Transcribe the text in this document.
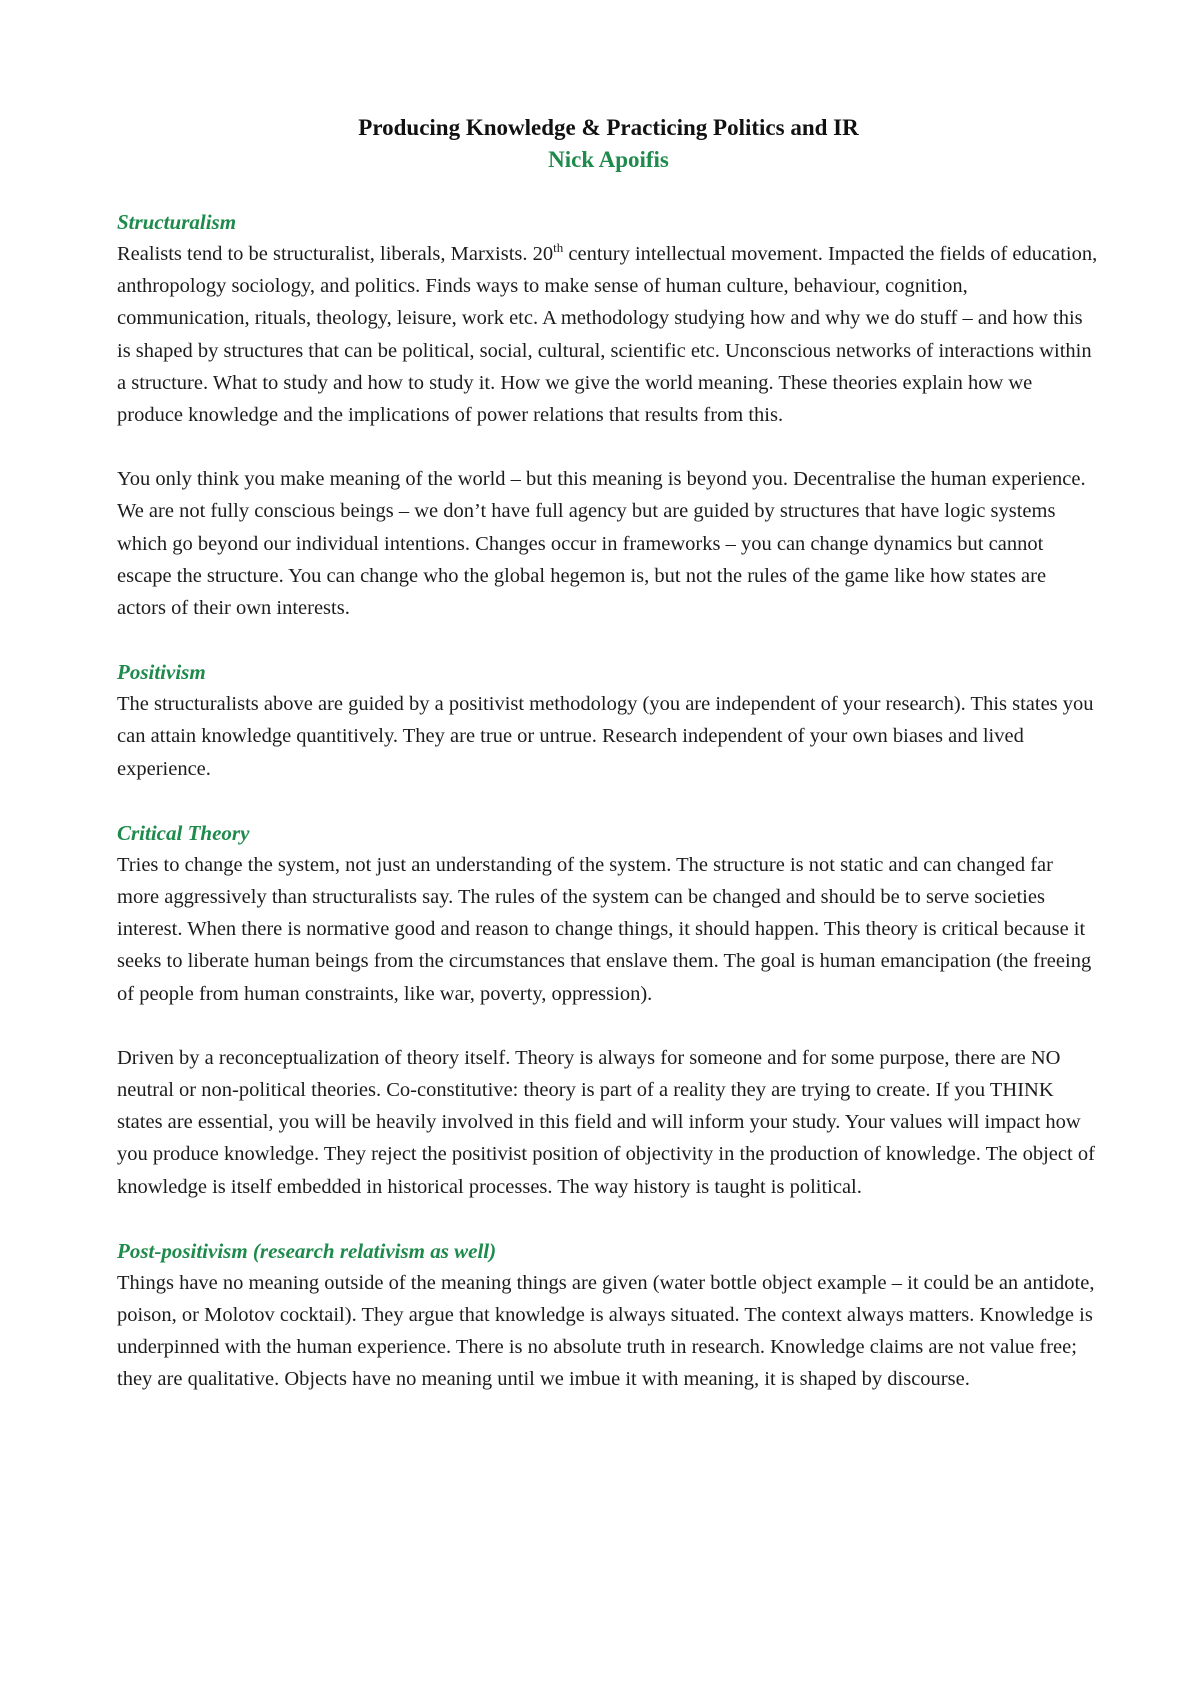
Producing Knowledge & Practicing Politics and IR
Nick Apoifis
Structuralism

Realists tend to be structuralist, liberals, Marxists. 20th century intellectual movement. Impacted the fields of education, anthropology sociology, and politics. Finds ways to make sense of human culture, behaviour, cognition, communication, rituals, theology, leisure, work etc. A methodology studying how and why we do stuff – and how this is shaped by structures that can be political, social, cultural, scientific etc. Unconscious networks of interactions within a structure. What to study and how to study it. How we give the world meaning. These theories explain how we produce knowledge and the implications of power relations that results from this.

You only think you make meaning of the world – but this meaning is beyond you. Decentralise the human experience. We are not fully conscious beings – we don’t have full agency but are guided by structures that have logic systems which go beyond our individual intentions. Changes occur in frameworks – you can change dynamics but cannot escape the structure. You can change who the global hegemon is, but not the rules of the game like how states are actors of their own interests.

Positivism

The structuralists above are guided by a positivist methodology (you are independent of your research). This states you can attain knowledge quantitively. They are true or untrue. Research independent of your own biases and lived experience.

Critical Theory

Tries to change the system, not just an understanding of the system. The structure is not static and can changed far more aggressively than structuralists say. The rules of the system can be changed and should be to serve societies interest. When there is normative good and reason to change things, it should happen. This theory is critical because it seeks to liberate human beings from the circumstances that enslave them. The goal is human emancipation (the freeing of people from human constraints, like war, poverty, oppression).

Driven by a reconceptualization of theory itself. Theory is always for someone and for some purpose, there are NO neutral or non-political theories. Co-constitutive: theory is part of a reality they are trying to create. If you THINK states are essential, you will be heavily involved in this field and will inform your study. Your values will impact how you produce knowledge. They reject the positivist position of objectivity in the production of knowledge. The object of knowledge is itself embedded in historical processes. The way history is taught is political.

Post-positivism (research relativism as well)

Things have no meaning outside of the meaning things are given (water bottle object example – it could be an antidote, poison, or Molotov cocktail). They argue that knowledge is always situated. The context always matters. Knowledge is underpinned with the human experience. There is no absolute truth in research. Knowledge claims are not value free; they are qualitative. Objects have no meaning until we imbue it with meaning, it is shaped by discourse.
